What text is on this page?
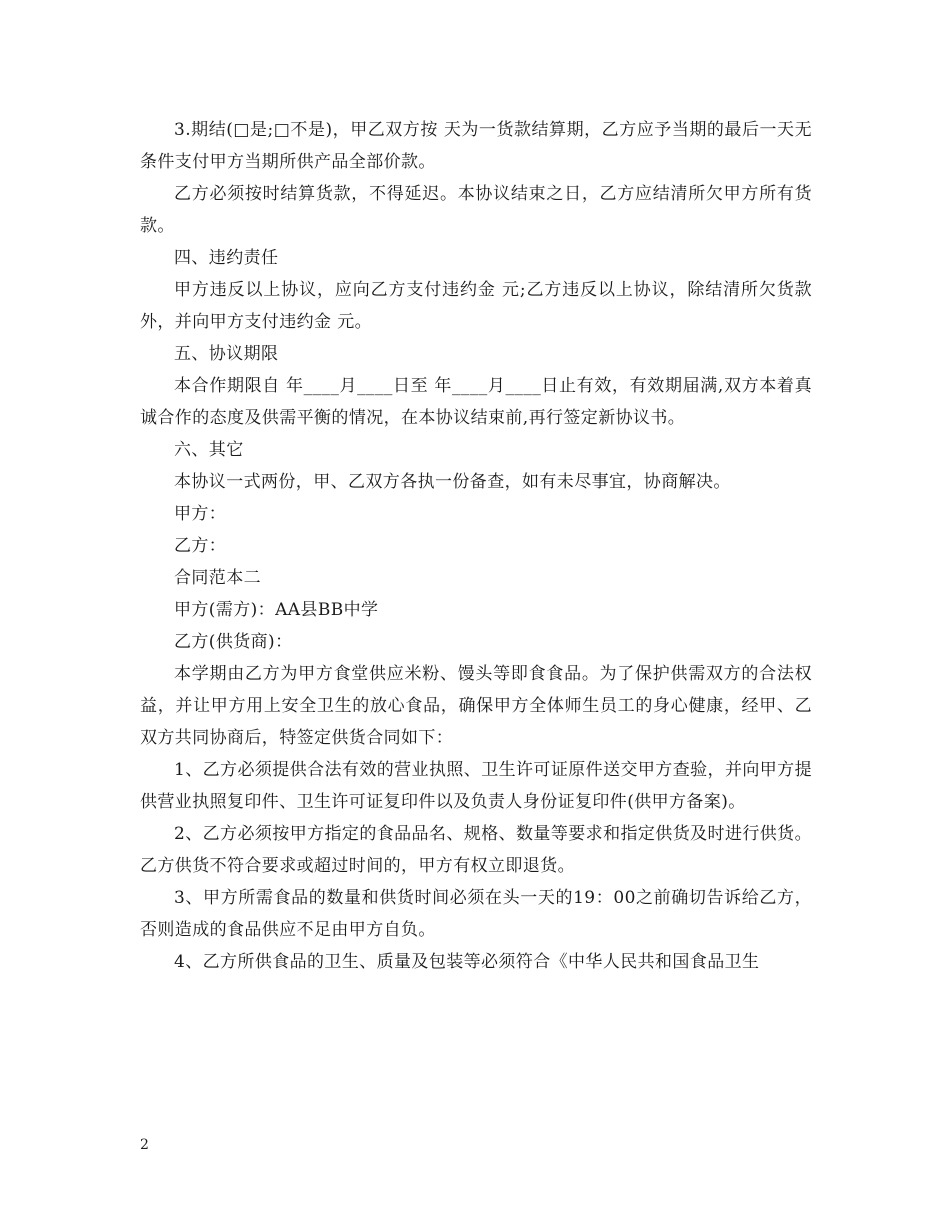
3.期结(□是;□不是)，甲乙双方按 天为一货款结算期，乙方应予当期的最后一天无条件支付甲方当期所供产品全部价款。

乙方必须按时结算货款，不得延迟。本协议结束之日，乙方应结清所欠甲方所有货款。

四、违约责任

甲方违反以上协议，应向乙方支付违约金 元;乙方违反以上协议，除结清所欠货款外，并向甲方支付违约金 元。

五、协议期限

本合作期限自 年____月____日至 年____月____日止有效，有效期届满,双方本着真诚合作的态度及供需平衡的情况，在本协议结束前,再行签定新协议书。

六、其它

本协议一式两份，甲、乙双方各执一份备查，如有未尽事宜，协商解决。

甲方：

乙方：

合同范本二

甲方(需方)：AA县BB中学

乙方(供货商)：

本学期由乙方为甲方食堂供应米粉、馒头等即食食品。为了保护供需双方的合法权益，并让甲方用上安全卫生的放心食品，确保甲方全体师生员工的身心健康，经甲、乙双方共同协商后，特签定供货合同如下：

1、乙方必须提供合法有效的营业执照、卫生许可证原件送交甲方查验，并向甲方提供营业执照复印件、卫生许可证复印件以及负责人身份证复印件(供甲方备案)。

2、乙方必须按甲方指定的食品品名、规格、数量等要求和指定供货及时进行供货。乙方供货不符合要求或超过时间的，甲方有权立即退货。

3、甲方所需食品的数量和供货时间必须在头一天的19：00之前确切告诉给乙方，否则造成的食品供应不足由甲方自负。

4、乙方所供食品的卫生、质量及包装等必须符合《中华人民共和国食品卫生

2
